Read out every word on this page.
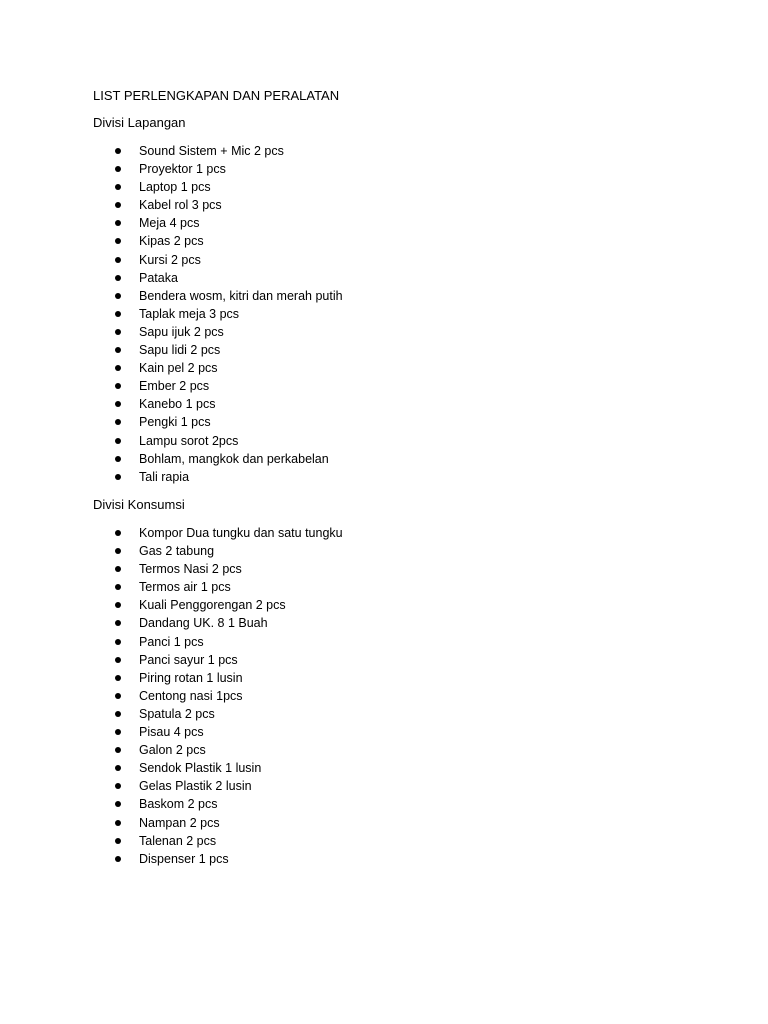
LIST PERLENGKAPAN DAN PERALATAN
Divisi Lapangan
Sound Sistem + Mic 2 pcs
Proyektor 1 pcs
Laptop 1 pcs
Kabel rol 3 pcs
Meja 4 pcs
Kipas 2 pcs
Kursi 2 pcs
Pataka
Bendera wosm, kitri dan merah putih
Taplak meja 3 pcs
Sapu ijuk 2 pcs
Sapu lidi 2 pcs
Kain pel 2 pcs
Ember 2 pcs
Kanebo 1 pcs
Pengki 1 pcs
Lampu sorot 2pcs
Bohlam, mangkok dan perkabelan
Tali rapia
Divisi Konsumsi
Kompor Dua tungku dan satu tungku
Gas 2 tabung
Termos Nasi 2 pcs
Termos air 1 pcs
Kuali Penggorengan 2 pcs
Dandang UK. 8 1 Buah
Panci 1 pcs
Panci sayur 1 pcs
Piring rotan 1 lusin
Centong nasi 1pcs
Spatula 2 pcs
Pisau 4 pcs
Galon 2 pcs
Sendok Plastik 1 lusin
Gelas Plastik 2 lusin
Baskom 2 pcs
Nampan 2 pcs
Talenan 2 pcs
Dispenser 1 pcs
